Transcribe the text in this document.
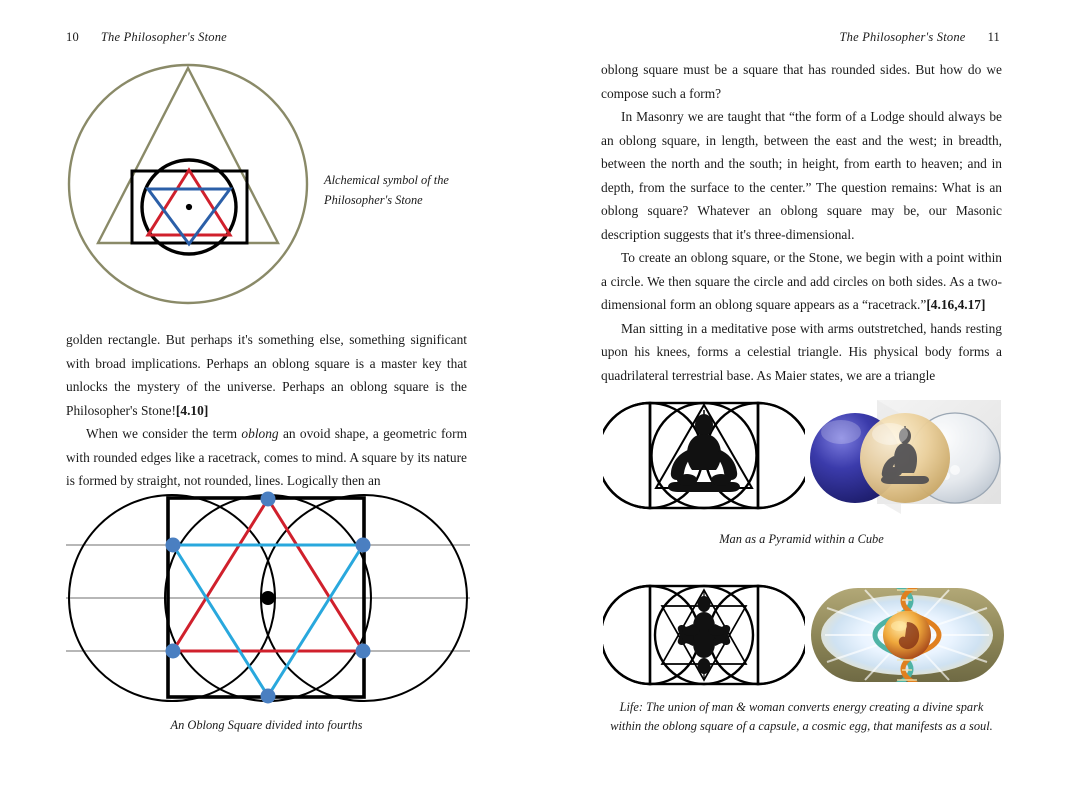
10 The Philosopher's Stone
Alchemical symbol of the Philosopher's Stone

golden rectangle. But perhaps it's something else, something significant with broad implications. Perhaps an oblong square is a master key that unlocks the mystery of the universe. Perhaps an oblong square is the Philosopher's Stone![4.10]

When we consider the term oblong an ovoid shape, a geometric form with rounded edges like a racetrack, comes to mind. A square by its nature is formed by straight, not rounded, lines. Logically then an

An Oblong Square divided into fourths
The Philosopher's Stone 11

oblong square must be a square that has rounded sides. But how do we compose such a form?

In Masonry we are taught that “the form of a Lodge should always be an oblong square, in length, between the east and the west; in breadth, between the north and the south; in height, from earth to heaven; and in depth, from the surface to the center.” The question remains: What is an oblong square? Whatever an oblong square may be, our Masonic description suggests that it's three-dimensional.

To create an oblong square, or the Stone, we begin with a point within a circle. We then square the circle and add circles on both sides. As a two-dimensional form an oblong square appears as a “racetrack.”[4.16,4.17]

Man sitting in a meditative pose with arms outstretched, hands resting upon his knees, forms a celestial triangle. His physical body forms a quadrilateral terrestrial base. As Maier states, we are a triangle

Man as a Pyramid within a Cube
Life: The union of man & woman converts energy creating a divine spark
within the oblong square of a capsule, a cosmic egg, that manifests as a soul.
